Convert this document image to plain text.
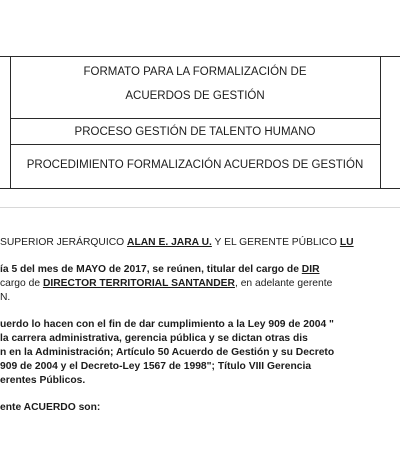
FORMATO PARA LA FORMALIZACIÓN DE
ACUERDOS DE GESTIÓN
PROCESO GESTIÓN DE TALENTO HUMANO
PROCEDIMIENTO FORMALIZACIÓN ACUERDOS DE GESTIÓN
SUPERIOR JERÁRQUICO ALAN E. JARA U. Y EL GERENTE PÚBLICO LU
ía 5 del mes de MAYO de 2017, se reúnen, titular del cargo de DIR
cargo de DIRECTOR TERRITORIAL SANTANDER, en adelante gerente
N.
uerdo lo hacen con el fin de dar cumplimiento a la Ley 909 de 2004 "
la carrera administrativa, gerencia pública y se dictan otras dis
n en la Administración; Artículo 50 Acuerdo de Gestión y su Decreto
909 de 2004 y el Decreto-Ley 1567 de 1998"; Título VIII Gerencia
erentes Públicos.
ente ACUERDO son:
